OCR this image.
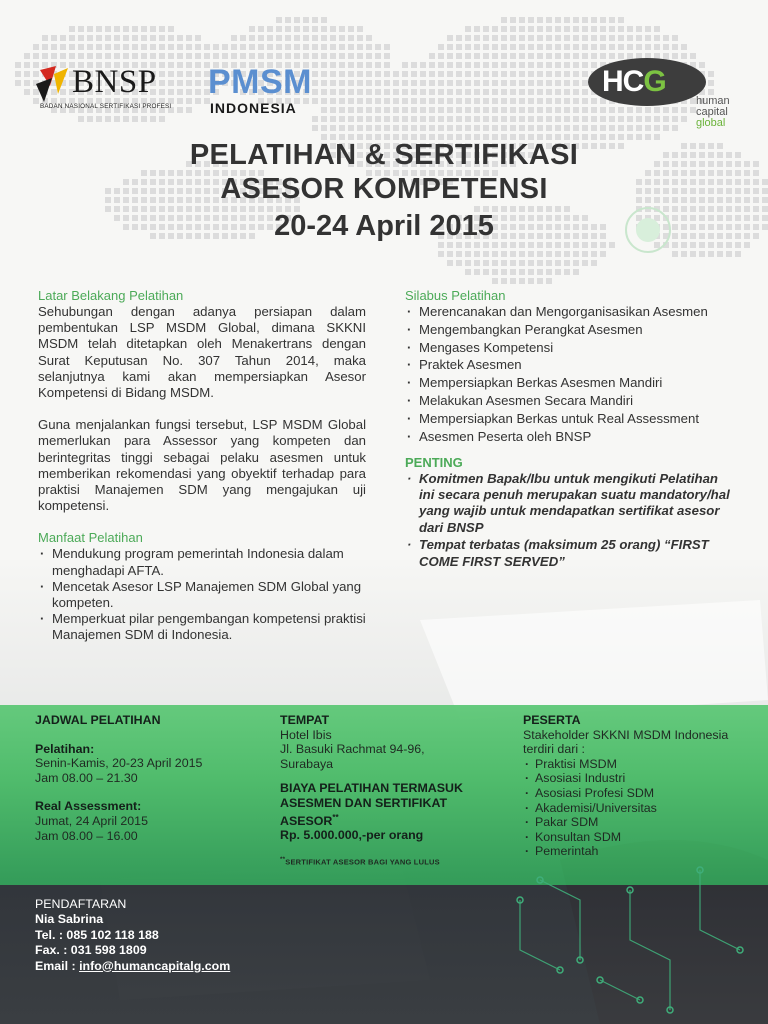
BNSP
BADAN NASIONAL SERTIFIKASI PROFESI
PMSM
INDONESIA
HCG
human
capital
global
PELATIHAN & SERTIFIKASI
ASESOR KOMPETENSI
20-24 April 2015
Latar Belakang Pelatihan
Sehubungan dengan adanya persiapan dalam pembentukan LSP MSDM Global, dimana SKKNI MSDM telah ditetapkan oleh Menakertrans dengan Surat Keputusan No. 307 Tahun 2014, maka selanjutnya kami akan mempersiapkan Asesor Kompetensi di Bidang MSDM.
Guna menjalankan fungsi tersebut, LSP MSDM Global memerlukan para Assessor yang kompeten dan berintegritas tinggi sebagai pelaku asesmen untuk memberikan rekomendasi yang obyektif terhadap para praktisi Manajemen SDM yang mengajukan uji kompetensi.
Manfaat Pelatihan
· Mendukung program pemerintah Indonesia dalam menghadapi AFTA.
· Mencetak Asesor LSP Manajemen SDM Global yang kompeten.
· Memperkuat pilar pengembangan kompetensi praktisi Manajemen SDM di Indonesia.
Silabus Pelatihan
· Merencanakan dan Mengorganisasikan Asesmen
· Mengembangkan Perangkat Asesmen
· Mengases Kompetensi
· Praktek Asesmen
· Mempersiapkan Berkas Asesmen Mandiri
· Melakukan Asesmen Secara Mandiri
· Mempersiapkan Berkas untuk Real Assessment
· Asesmen Peserta oleh BNSP
PENTING
· Komitmen Bapak/Ibu untuk mengikuti Pelatihan ini secara penuh merupakan suatu mandatory/hal yang wajib untuk mendapatkan sertifikat asesor dari BNSP
· Tempat terbatas (maksimum 25 orang) “FIRST COME FIRST SERVED”
JADWAL PELATIHAN
Pelatihan:
Senin-Kamis, 20-23 April 2015
Jam 08.00 – 21.30
Real Assessment:
Jumat, 24 April 2015
Jam 08.00 – 16.00
TEMPAT
Hotel Ibis
Jl. Basuki Rachmat 94-96,
Surabaya
BIAYA PELATIHAN TERMASUK ASESMEN DAN SERTIFIKAT ASESOR**
Rp. 5.000.000,-per orang
**SERTIFIKAT ASESOR BAGI YANG LULUS
PESERTA
Stakeholder SKKNI MSDM Indonesia terdiri dari :
· Praktisi MSDM
· Asosiasi Industri
· Asosiasi Profesi SDM
· Akademisi/Universitas
· Pakar SDM
· Konsultan SDM
· Pemerintah
PENDAFTARAN
Nia Sabrina
Tel. : 085 102 118 188
Fax. : 031 598 1809
Email : info@humancapitalg.com
